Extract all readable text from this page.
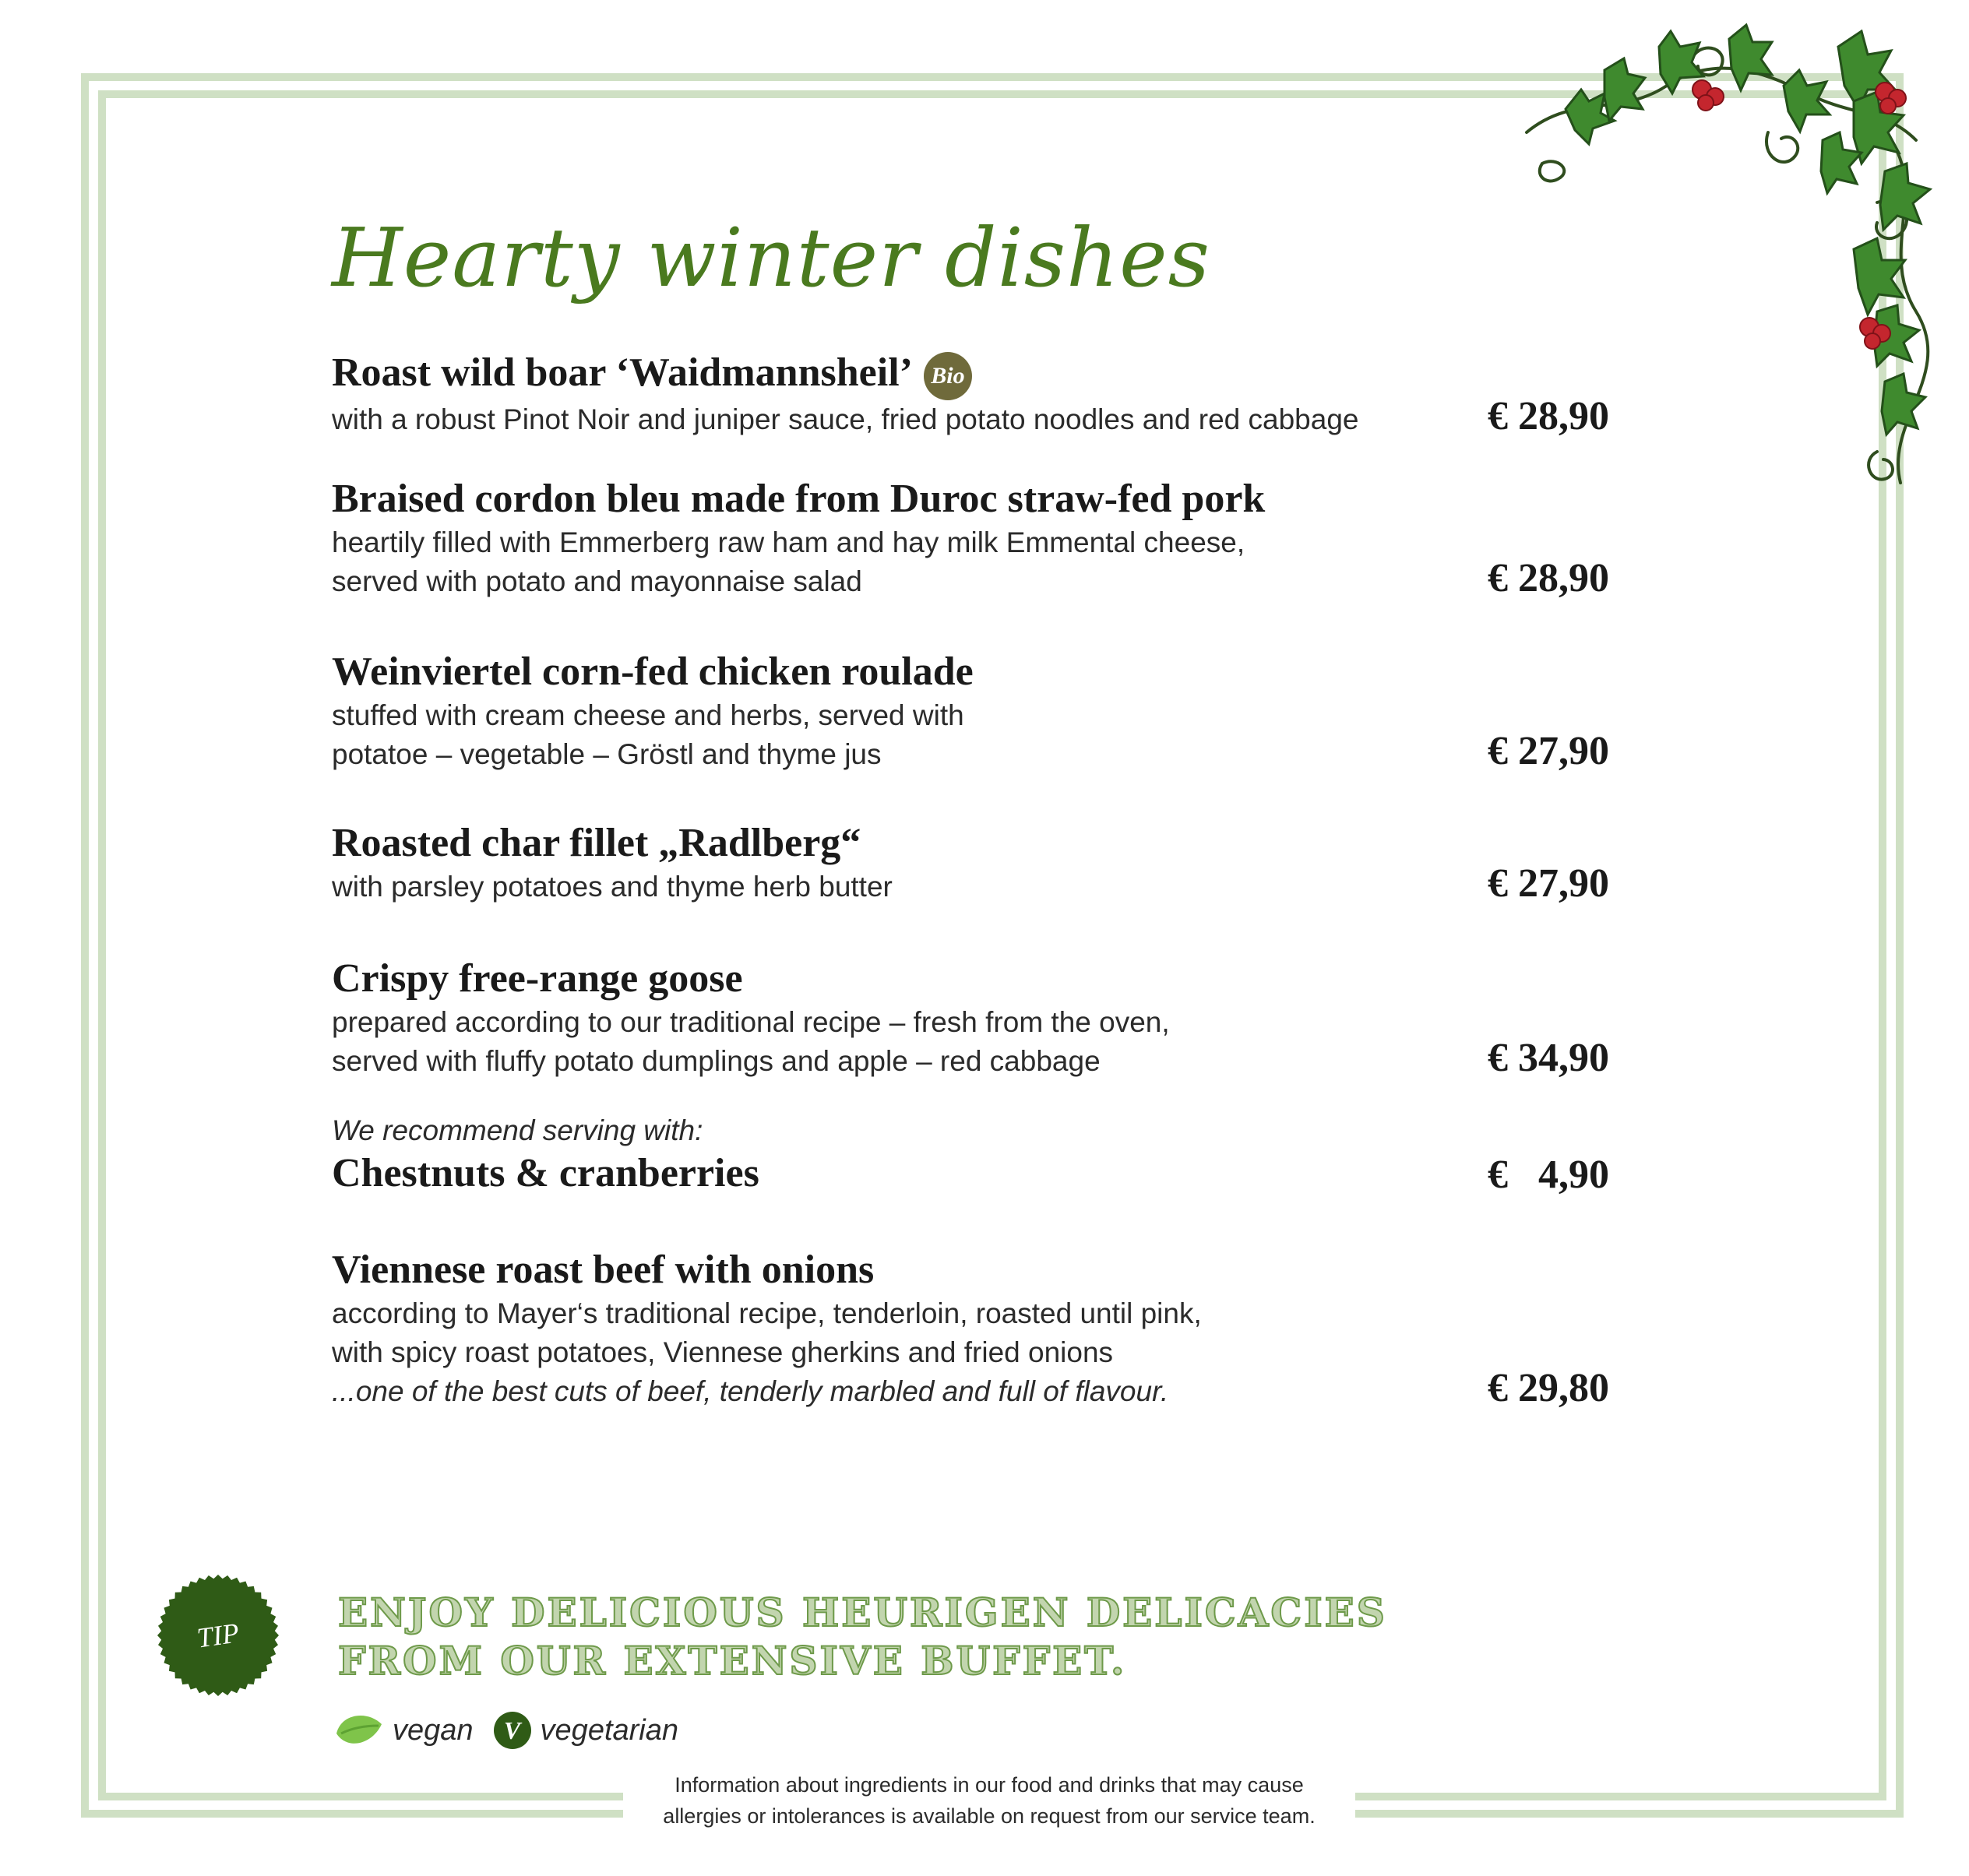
Hearty winter dishes
Roast wild boar ‘Waidmannsheil’ Bio
with a robust Pinot Noir and juniper sauce, fried potato noodles and red cabbage	€ 28,90
Braised cordon bleu made from Duroc straw-fed pork
heartily filled with Emmerberg raw ham and hay milk Emmental cheese,
served with potato and mayonnaise salad	€ 28,90
Weinviertel corn-fed chicken roulade
stuffed with cream cheese and herbs, served with
potatoe – vegetable – Gröstl and thyme jus	€ 27,90
Roasted char fillet „Radlberg“
with parsley potatoes and thyme herb butter	€ 27,90
Crispy free-range goose
prepared according to our traditional recipe – fresh from the oven,
served with fluffy potato dumplings and apple – red cabbage	€ 34,90
We recommend serving with:
Chestnuts & cranberries	€   4,90
Viennese roast beef with onions
according to Mayer‘s traditional recipe, tenderloin, roasted until pink,
with spicy roast potatoes, Viennese gherkins and fried onions
...one of the best cuts of beef, tenderly marbled and full of flavour.	€ 29,80
TIP ENJOY DELICIOUS HEURIGEN DELICACIES
FROM OUR EXTENSIVE BUFFET.
vegan	V vegetarian
Information about ingredients in our food and drinks that may cause
allergies or intolerances is available on request from our service team.
